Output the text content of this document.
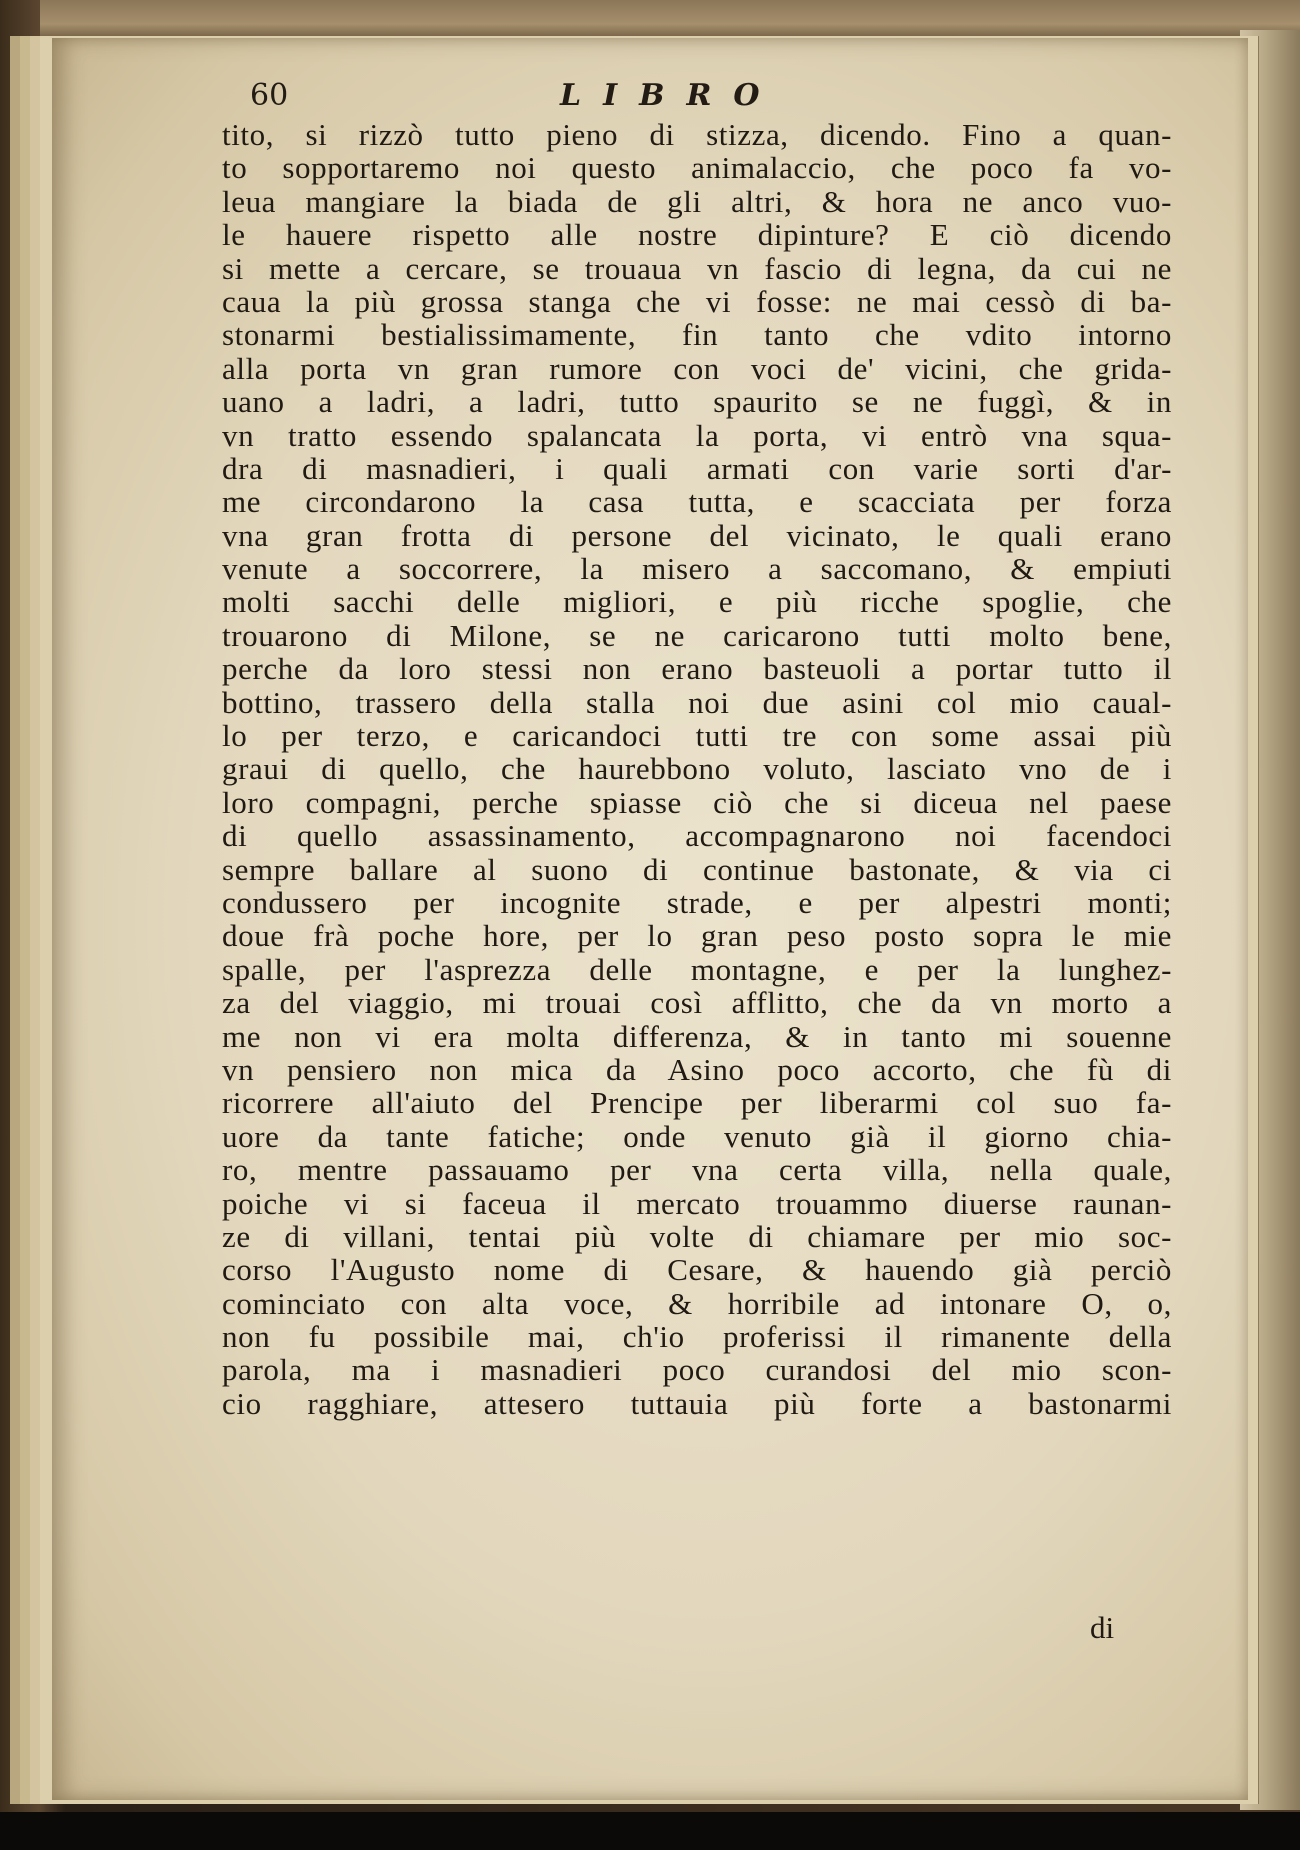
60	LIBRO
tito, si rizzò tutto pieno di stizza, dicendo. Fino a quan-
to sopportaremo noi questo animalaccio, che poco fa vo-
leua mangiare la biada de gli altri, & hora ne anco vuo-
le hauere rispetto alle nostre dipinture? E ciò dicendo
si mette a cercare, se trouaua vn fascio di legna, da cui ne
caua la più grossa stanga che vi fosse: ne mai cessò di ba-
stonarmi bestialissimamente, fin tanto che vdito intorno
alla porta vn gran rumore con voci de' vicini, che grida-
uano a ladri, a ladri, tutto spaurito se ne fuggì, & in
vn tratto essendo spalancata la porta, vi entrò vna squa-
dra di masnadieri, i quali armati con varie sorti d'ar-
me circondarono la casa tutta, e scacciata per forza
vna gran frotta di persone del vicinato, le quali erano
venute a soccorrere, la misero a saccomano, & empiuti
molti sacchi delle migliori, e più ricche spoglie, che
trouarono di Milone, se ne caricarono tutti molto bene,
perche da loro stessi non erano basteuoli a portar tutto il
bottino, trassero della stalla noi due asini col mio caual-
lo per terzo, e caricandoci tutti tre con some assai più
graui di quello, che haurebbono voluto, lasciato vno de i
loro compagni, perche spiasse ciò che si diceua nel paese
di quello assassinamento, accompagnarono noi facendoci
sempre ballare al suono di continue bastonate, & via ci
condussero per incognite strade, e per alpestri monti;
doue frà poche hore, per lo gran peso posto sopra le mie
spalle, per l'asprezza delle montagne, e per la lunghez-
za del viaggio, mi trouai così afflitto, che da vn morto a
me non vi era molta differenza, & in tanto mi souenne
vn pensiero non mica da Asino poco accorto, che fù di
ricorrere all'aiuto del Prencipe per liberarmi col suo fa-
uore da tante fatiche; onde venuto già il giorno chia-
ro, mentre passauamo per vna certa villa, nella quale,
poiche vi si faceua il mercato trouammo diuerse raunan-
ze di villani, tentai più volte di chiamare per mio soc-
corso l'Augusto nome di Cesare, & hauendo già perciò
cominciato con alta voce, & horribile ad intonare O, o,
non fu possibile mai, ch'io proferissi il rimanente della
parola, ma i masnadieri poco curandosi del mio scon-
cio ragghiare, attesero tuttauia più forte a bastonarmi
di
